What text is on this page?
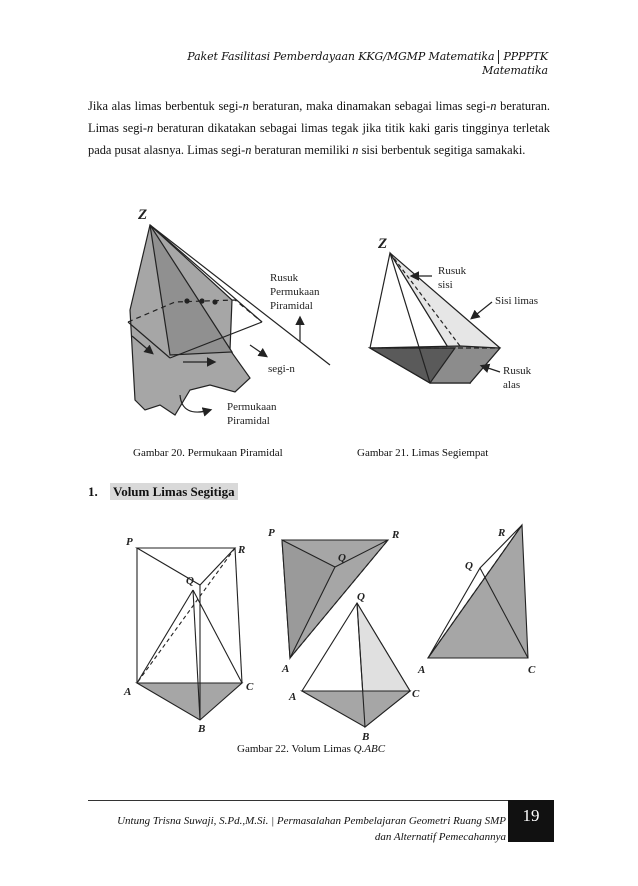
Paket Fasilitasi Pemberdayaan KKG/MGMP Matematika PPPPTK Matematika
Jika alas limas berbentuk segi-n beraturan, maka dinamakan sebagai limas segi-n beraturan. Limas segi-n beraturan dikatakan sebagai limas tegak jika titik kaki garis tingginya terletak pada pusat alasnya. Limas segi-n beraturan memiliki n sisi berbentuk segitiga samakaki.
Z
Rusuk
Permukaan
Piramidal
segi-n
Permukaan
Piramidal
Z
Rusuk
sisi
Sisi limas
Rusuk
alas
P
R
Q
A	C
B
P	R
Q
A
Q
A	C
B
R
Q
A	C
Gambar 20. Permukaan Piramidal	Gambar 21. Limas Segiempat
1. Volum Limas Segitiga
Gambar 22. Volum Limas Q.ABC
Untung Trisna Suwaji, S.Pd.,M.Si. | Permasalahan Pembelajaran Geometri Ruang SMP
dan Alternatif Pemecahannya
19
